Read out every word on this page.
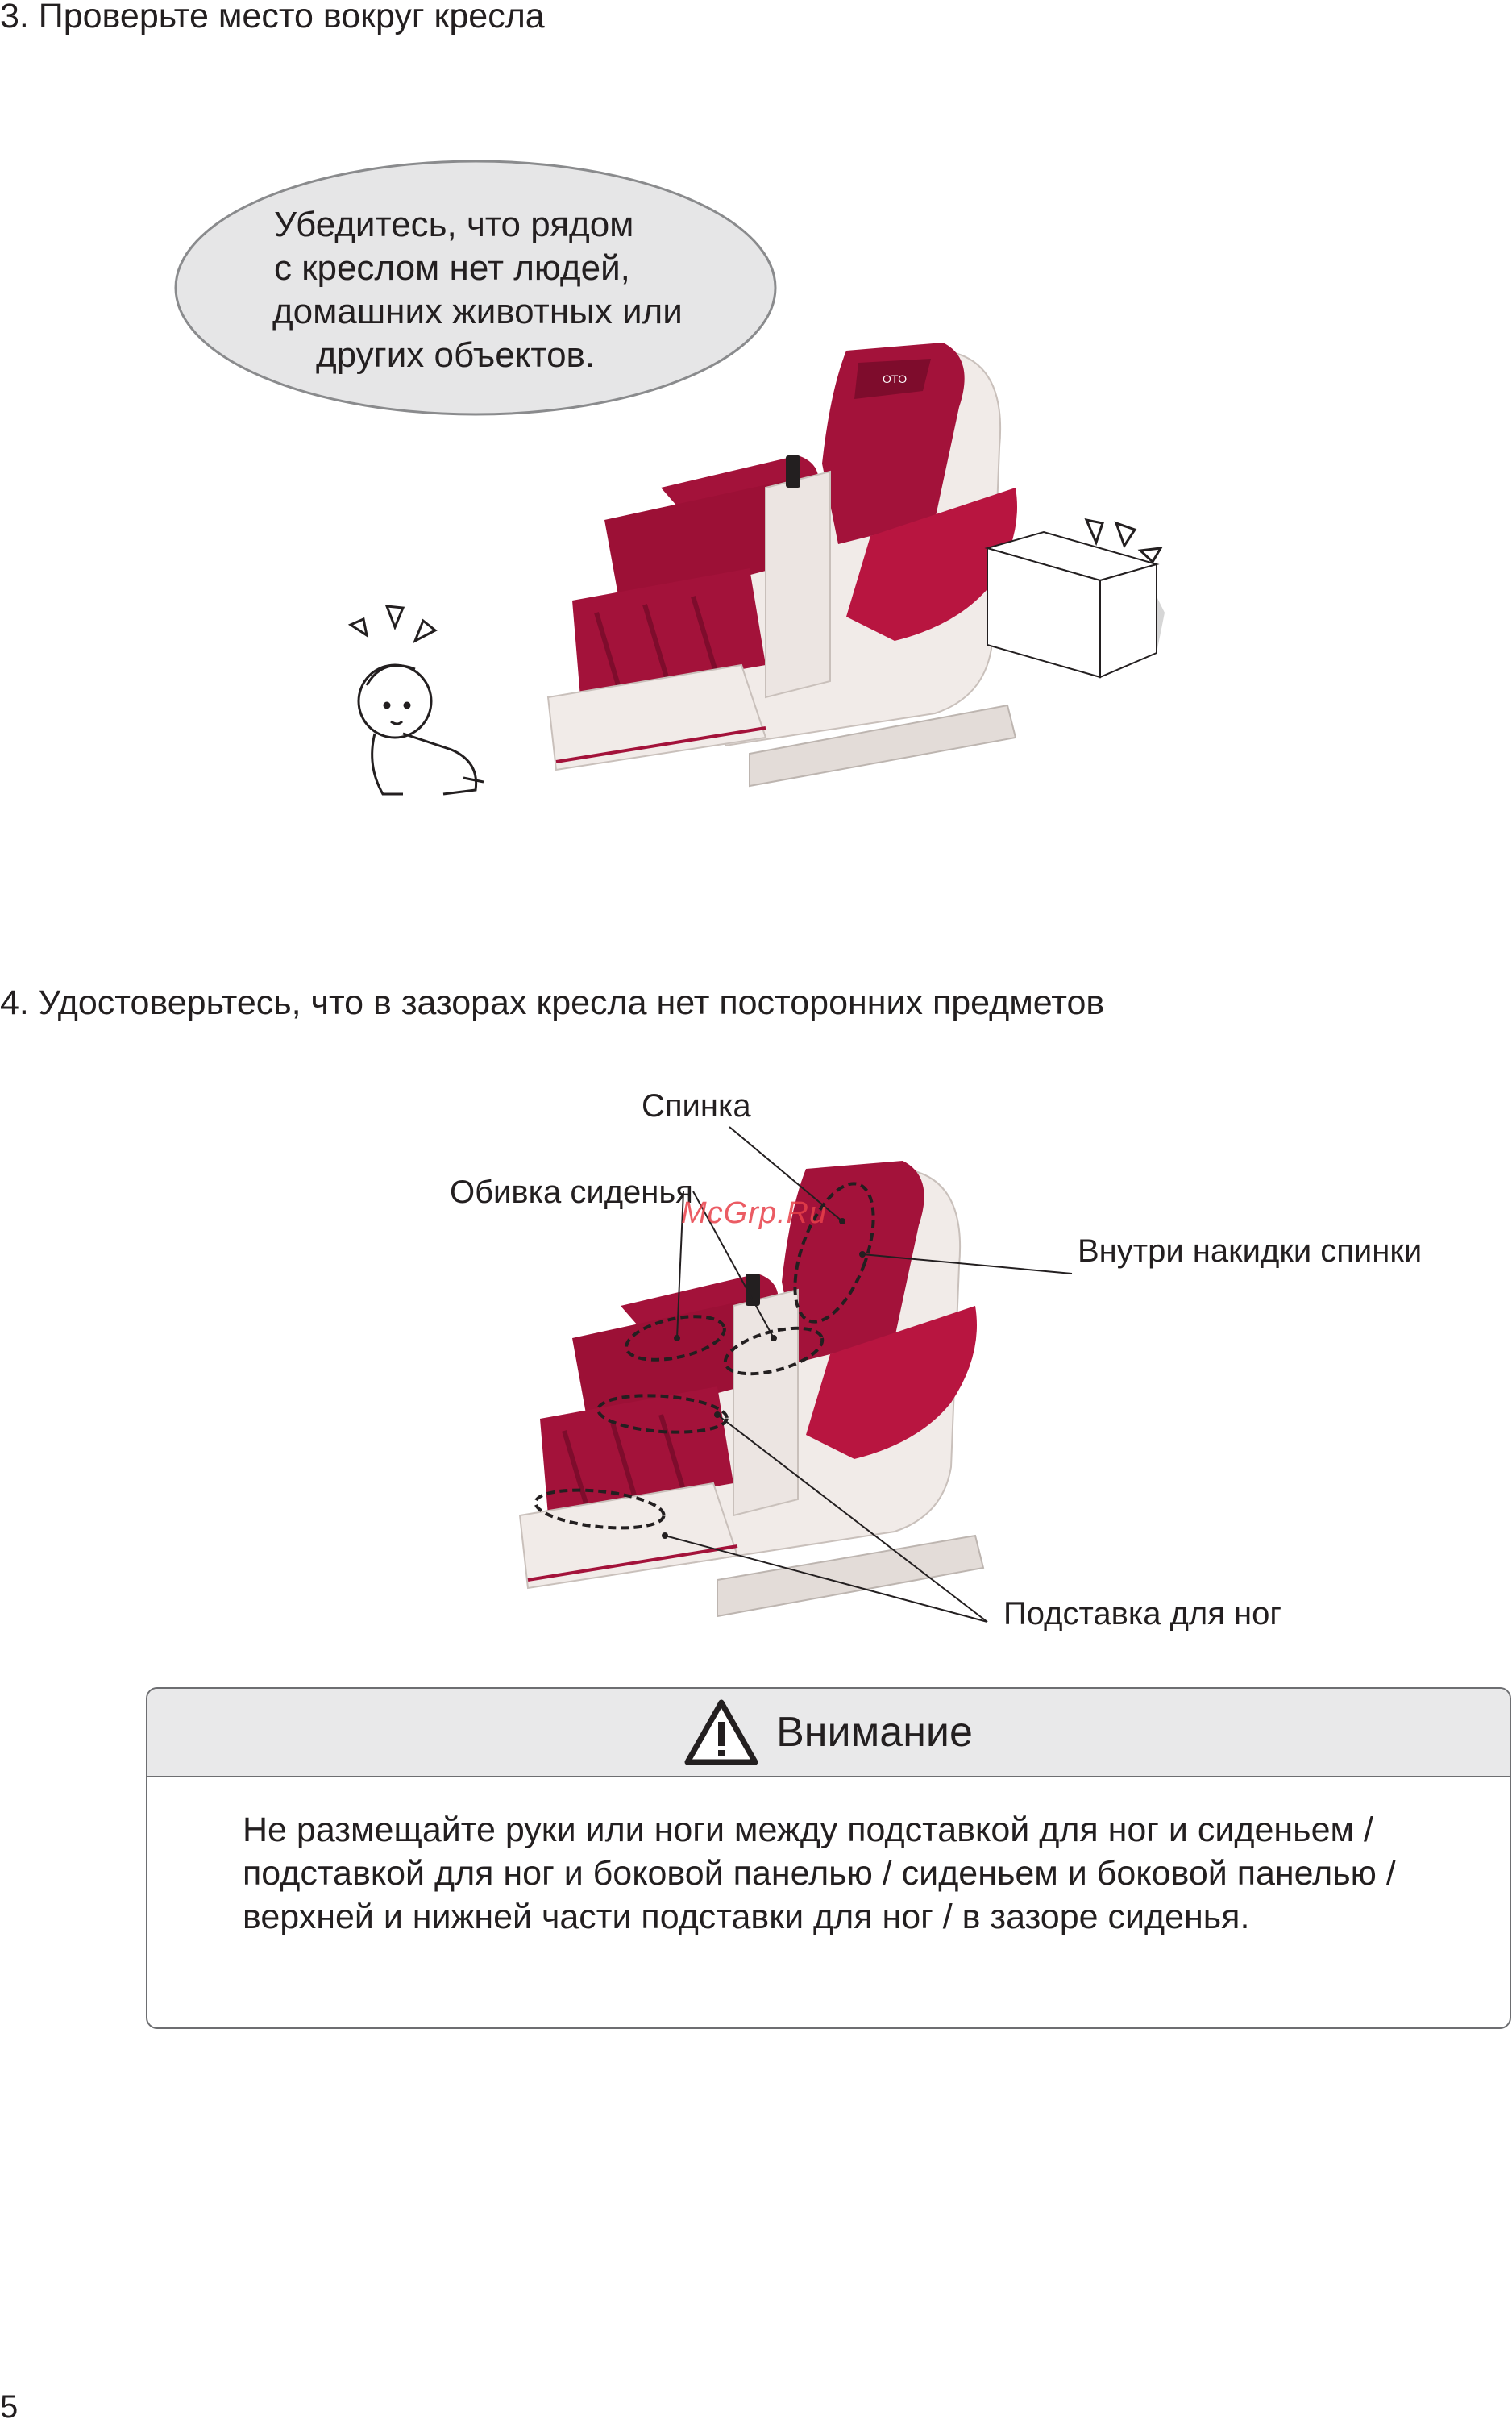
3. Проверьте место вокруг кресла
Убедитесь, что рядом
с креслом нет людей,
домашних животных или
других объектов.
OTO
4. Удостоверьтесь, что в зазорах кресла нет посторонних предметов
Спинка
Обивка сиденья
Внутри накидки спинки
Подставка для ног
McGrp.Ru
Внимание
Не размещайте руки или ноги между подставкой для ног и сиденьем / подставкой для ног и боковой панелью / сиденьем и боковой панелью / верхней и нижней части подставки для ног / в зазоре сиденья.
5
